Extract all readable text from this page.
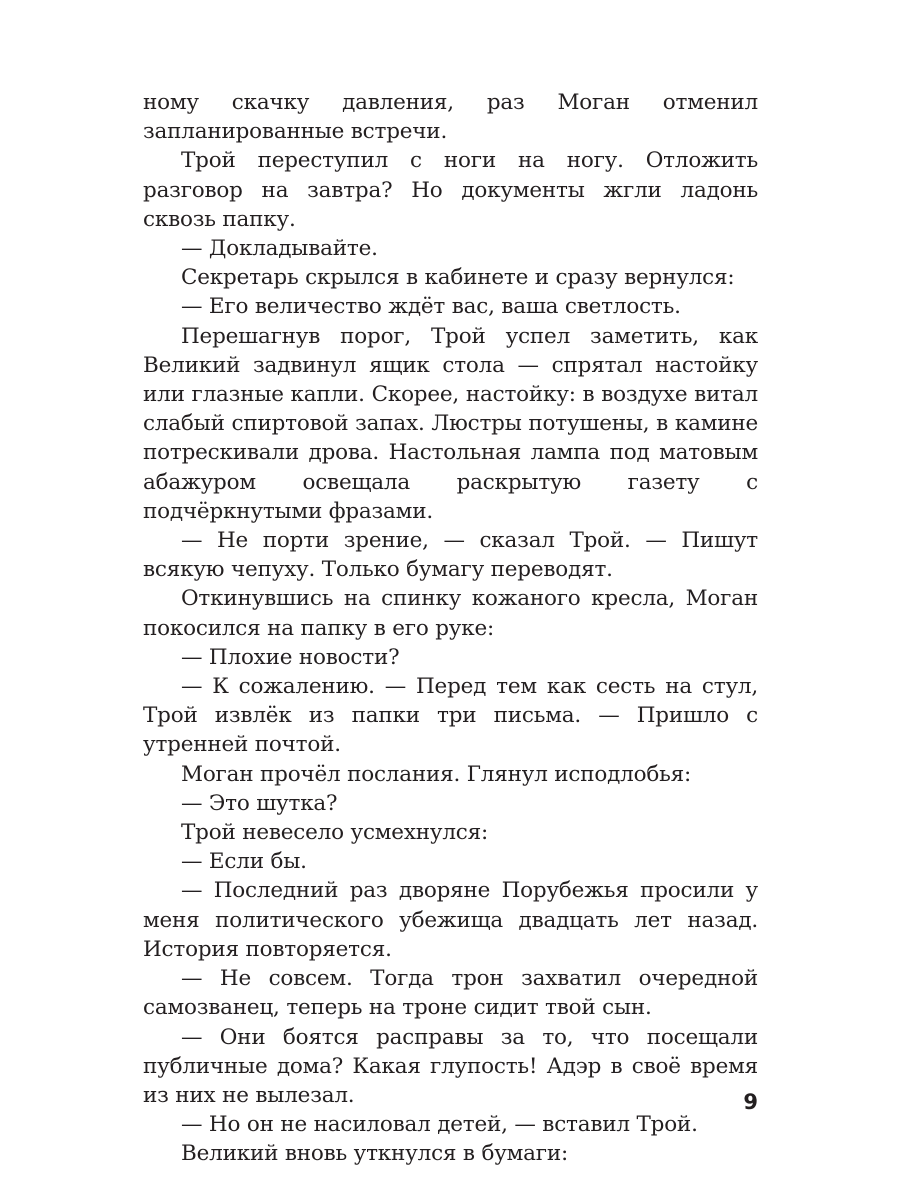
ному скачку давления, раз Моган отменил запланированные встречи.

Трой переступил с ноги на ногу. Отложить разговор на завтра? Но документы жгли ладонь сквозь папку.

— Докладывайте.

Секретарь скрылся в кабинете и сразу вернулся:

— Его величество ждёт вас, ваша светлость.

Перешагнув порог, Трой успел заметить, как Великий задвинул ящик стола — спрятал настойку или глазные капли. Скорее, настойку: в воздухе витал слабый спиртовой запах. Люстры потушены, в камине потрескивали дрова. Настольная лампа под матовым абажуром освещала раскрытую газету с подчёркнутыми фразами.

— Не порти зрение, — сказал Трой. — Пишут всякую чепуху. Только бумагу переводят.

Откинувшись на спинку кожаного кресла, Моган покосился на папку в его руке:

— Плохие новости?

— К сожалению. — Перед тем как сесть на стул, Трой извлёк из папки три письма. — Пришло с утренней почтой.

Моган прочёл послания. Глянул исподлобья:

— Это шутка?

Трой невесело усмехнулся:

— Если бы.

— Последний раз дворяне Порубежья просили у меня политического убежища двадцать лет назад. История повторяется.

— Не совсем. Тогда трон захватил очередной самозванец, теперь на троне сидит твой сын.

— Они боятся расправы за то, что посещали публичные дома? Какая глупость! Адэр в своё время из них не вылезал.

— Но он не насиловал детей, — вставил Трой.

Великий вновь уткнулся в бумаги:

9
